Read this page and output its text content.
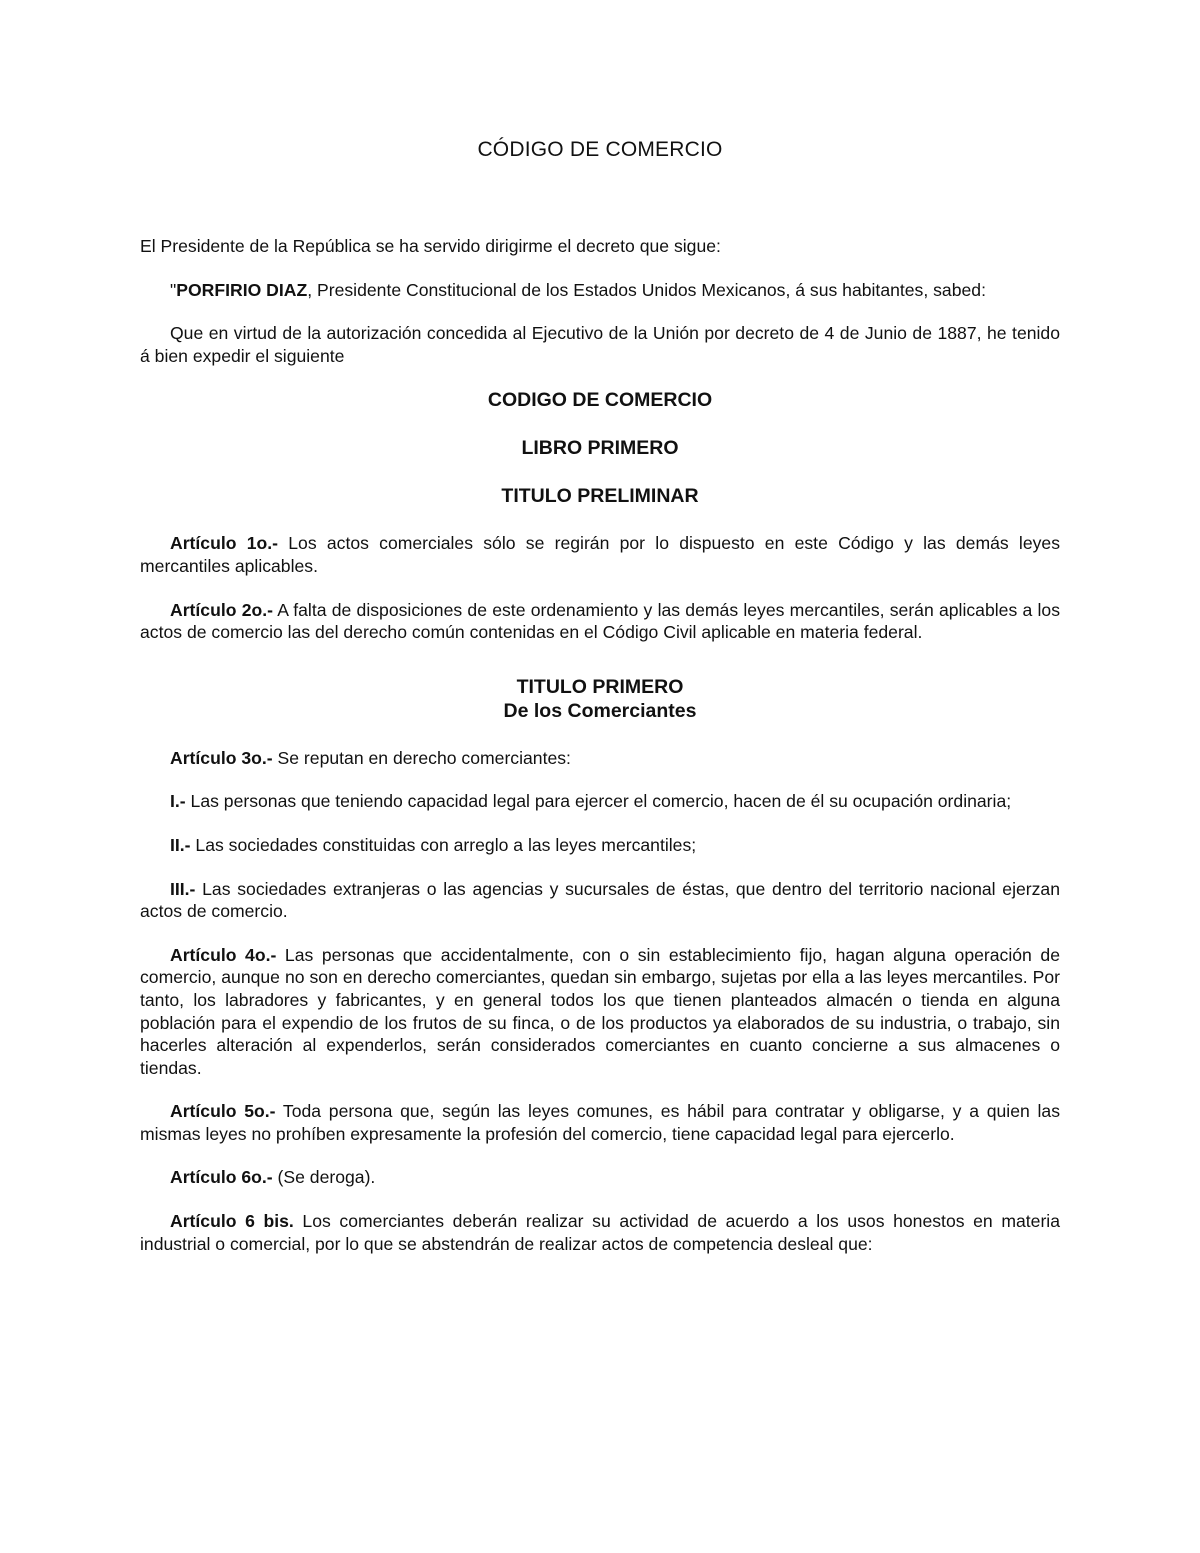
CÓDIGO DE COMERCIO

El Presidente de la República se ha servido dirigirme el decreto que sigue:

"PORFIRIO DIAZ, Presidente Constitucional de los Estados Unidos Mexicanos, á sus habitantes, sabed:

Que en virtud de la autorización concedida al Ejecutivo de la Unión por decreto de 4 de Junio de 1887, he tenido á bien expedir el siguiente

CODIGO DE COMERCIO
LIBRO PRIMERO
TITULO PRELIMINAR

Artículo 1o.- Los actos comerciales sólo se regirán por lo dispuesto en este Código y las demás leyes mercantiles aplicables.

Artículo 2o.- A falta de disposiciones de este ordenamiento y las demás leyes mercantiles, serán aplicables a los actos de comercio las del derecho común contenidas en el Código Civil aplicable en materia federal.

TITULO PRIMERO
De los Comerciantes

Artículo 3o.- Se reputan en derecho comerciantes:

I.- Las personas que teniendo capacidad legal para ejercer el comercio, hacen de él su ocupación ordinaria;

II.- Las sociedades constituidas con arreglo a las leyes mercantiles;

III.- Las sociedades extranjeras o las agencias y sucursales de éstas, que dentro del territorio nacional ejerzan actos de comercio.

Artículo 4o.- Las personas que accidentalmente, con o sin establecimiento fijo, hagan alguna operación de comercio, aunque no son en derecho comerciantes, quedan sin embargo, sujetas por ella a las leyes mercantiles. Por tanto, los labradores y fabricantes, y en general todos los que tienen planteados almacén o tienda en alguna población para el expendio de los frutos de su finca, o de los productos ya elaborados de su industria, o trabajo, sin hacerles alteración al expenderlos, serán considerados comerciantes en cuanto concierne a sus almacenes o tiendas.

Artículo 5o.- Toda persona que, según las leyes comunes, es hábil para contratar y obligarse, y a quien las mismas leyes no prohíben expresamente la profesión del comercio, tiene capacidad legal para ejercerlo.

Artículo 6o.- (Se deroga).

Artículo 6 bis. Los comerciantes deberán realizar su actividad de acuerdo a los usos honestos en materia industrial o comercial, por lo que se abstendrán de realizar actos de competencia desleal que:
